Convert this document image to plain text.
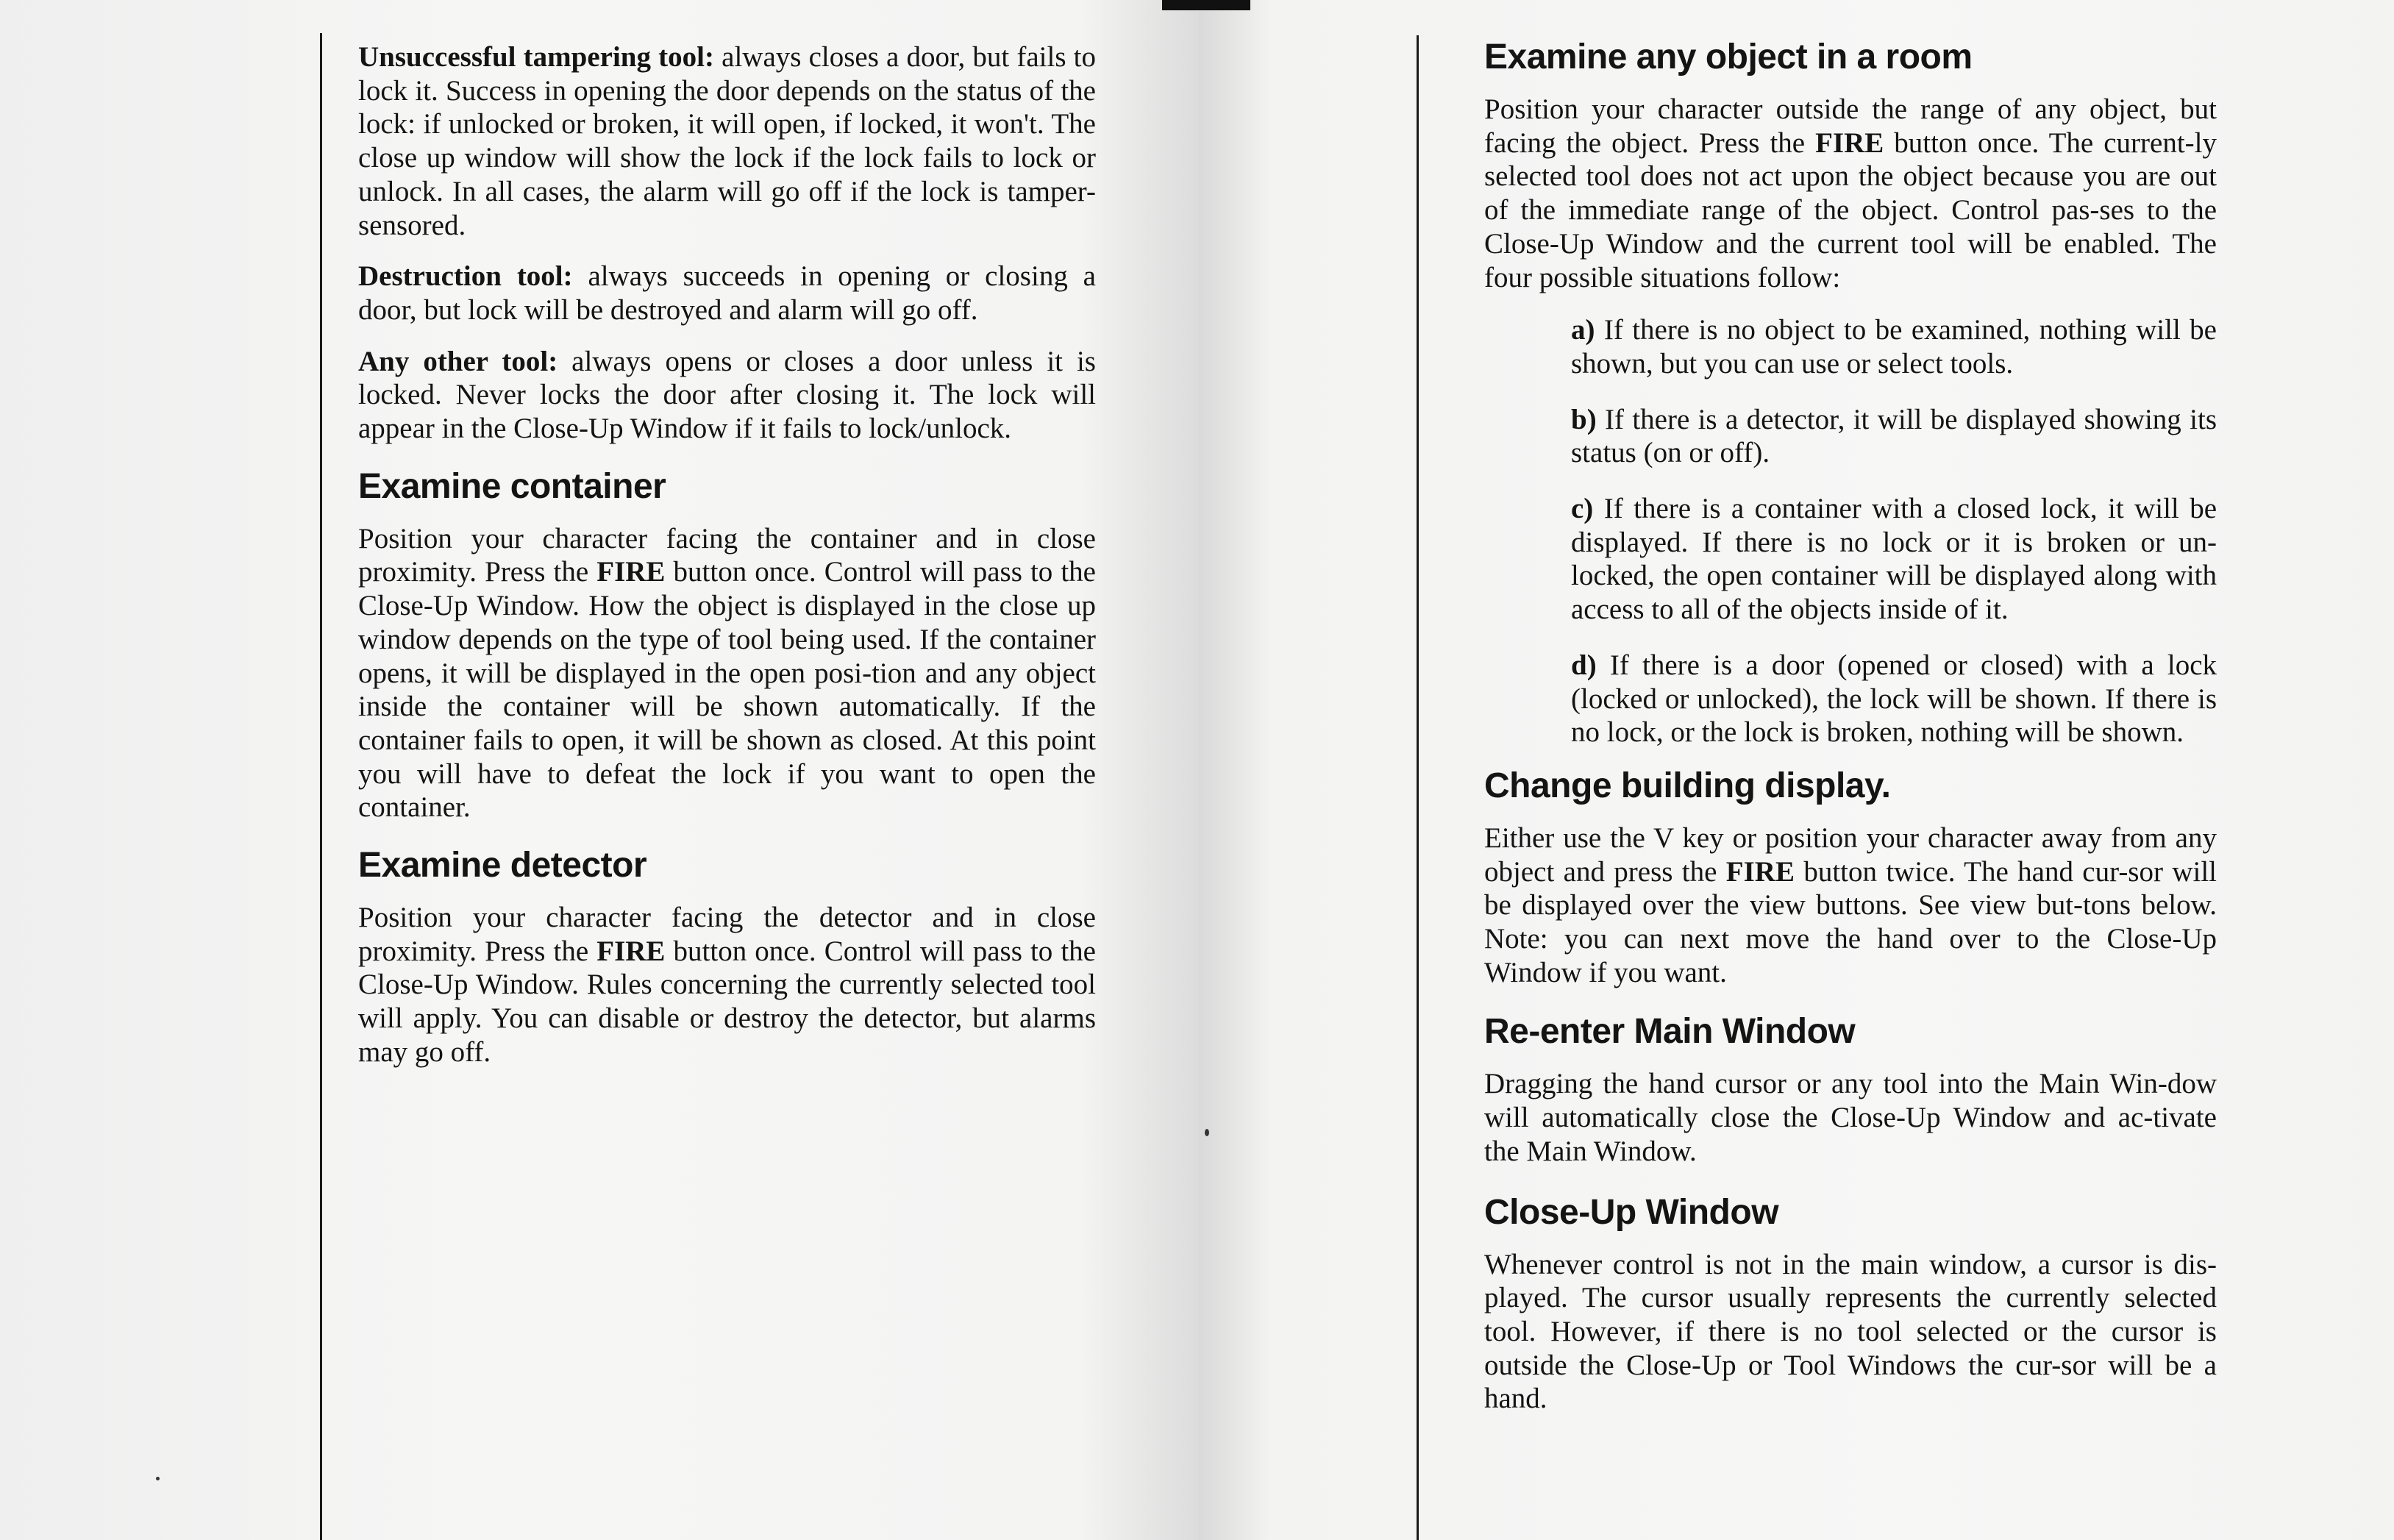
Unsuccessful tampering tool: always closes a door, but fails to lock it. Success in opening the door depends on the status of the lock: if unlocked or broken, it will open, if locked, it won't. The close up window will show the lock if the lock fails to lock or unlock. In all cases, the alarm will go off if the lock is tamper-sensored.

Destruction tool: always succeeds in opening or closing a door, but lock will be destroyed and alarm will go off.

Any other tool: always opens or closes a door unless it is locked. Never locks the door after closing it. The lock will appear in the Close-Up Window if it fails to lock/unlock.

Examine container

Position your character facing the container and in close proximity. Press the FIRE button once. Control will pass to the Close-Up Window. How the object is displayed in the close up window depends on the type of tool being used. If the container opens, it will be displayed in the open posi-tion and any object inside the container will be shown automatically. If the container fails to open, it will be shown as closed. At this point you will have to defeat the lock if you want to open the container.

Examine detector

Position your character facing the detector and in close proximity. Press the FIRE button once. Control will pass to the Close-Up Window. Rules concerning the currently selected tool will apply. You can disable or destroy the detector, but alarms may go off.

Examine any object in a room

Position your character outside the range of any object, but facing the object. Press the FIRE button once. The current-ly selected tool does not act upon the object because you are out of the immediate range of the object. Control pas-ses to the Close-Up Window and the current tool will be enabled. The four possible situations follow:

a) If there is no object to be examined, nothing will be shown, but you can use or select tools.

b) If there is a detector, it will be displayed showing its status (on or off).

c) If there is a container with a closed lock, it will be displayed. If there is no lock or it is broken or un-locked, the open container will be displayed along with access to all of the objects inside of it.

d) If there is a door (opened or closed) with a lock (locked or unlocked), the lock will be shown. If there is no lock, or the lock is broken, nothing will be shown.

Change building display.

Either use the V key or position your character away from any object and press the FIRE button twice. The hand cur-sor will be displayed over the view buttons. See view but-tons below. Note: you can next move the hand over to the Close-Up Window if you want.

Re-enter Main Window

Dragging the hand cursor or any tool into the Main Win-dow will automatically close the Close-Up Window and ac-tivate the Main Window.

Close-Up Window

Whenever control is not in the main window, a cursor is dis-played. The cursor usually represents the currently selected tool. However, if there is no tool selected or the cursor is outside the Close-Up or Tool Windows the cur-sor will be a hand.
